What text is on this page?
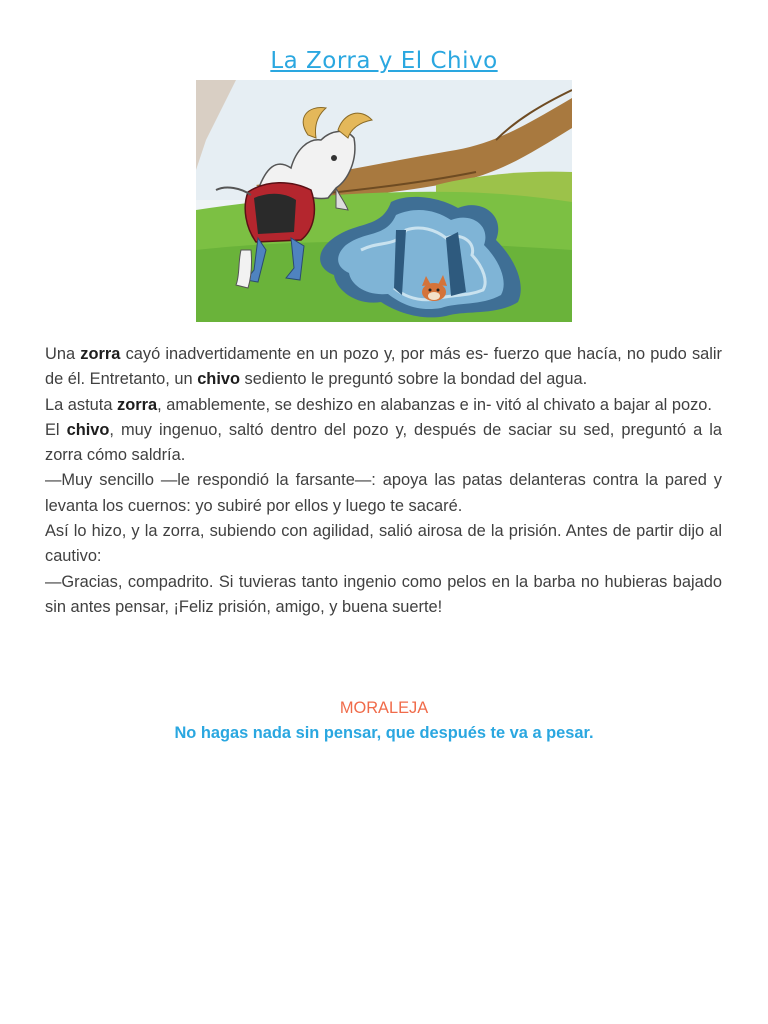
La Zorra y El Chivo

Una zorra cayó inadvertidamente en un pozo y, por más es- fuerzo que hacía, no pudo salir de él. Entretanto, un chivo sediento le preguntó sobre la bondad del agua.

La astuta zorra, amablemente, se deshizo en alabanzas e in- vitó al chivato a bajar al pozo.

El chivo, muy ingenuo, saltó dentro del pozo y, después de saciar su sed, preguntó a la zorra cómo saldría.

—Muy sencillo —le respondió la farsante—: apoya las patas delanteras contra la pared y levanta los cuernos: yo subiré por ellos y luego te sacaré.

Así lo hizo, y la zorra, subiendo con agilidad, salió airosa de la prisión. Antes de partir dijo al cautivo:

—Gracias, compadrito. Si tuvieras tanto ingenio como pelos en la barba no hubieras bajado sin antes pensar, ¡Feliz prisión, amigo, y buena suerte!

MORALEJA
No hagas nada sin pensar, que después te va a pesar.
